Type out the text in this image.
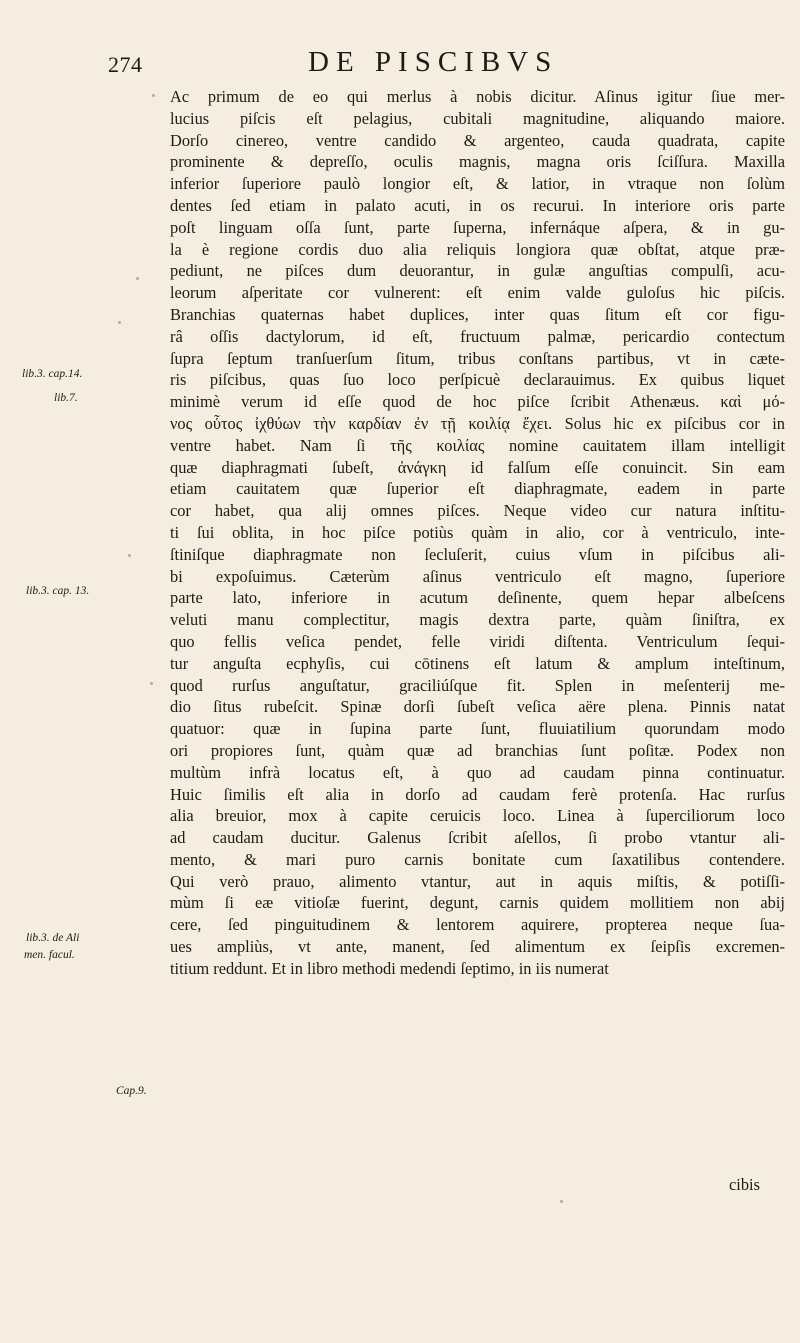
274	DE PISCIBVS
lib.3. cap.14.
lib.7.
lib.3. cap. 13.
lib.3. de Ali
men. facul.
Cap.9.
Ac primum de eo qui merlus à nobis dicitur. Aſinus igitur ſiue mer-
lucius piſcis eſt pelagius, cubitali magnitudine, aliquando maiore.
Dorſo cinereo, ventre candido & argenteo, cauda quadrata, capite
prominente & depreſſo, oculis magnis, magna oris ſciſſura. Maxilla
inferior ſuperiore paulò longior eſt, & latior, in vtraque non ſolùm
dentes ſed etiam in palato acuti, in os recurui. In interiore oris parte
poſt linguam oſſa ſunt, parte ſuperna, infernáque aſpera, & in gu-
la è regione cordis duo alia reliquis longiora quæ obſtat, atque præ-
pediunt, ne piſces dum deuorantur, in gulæ anguſtias compulſi, acu-
leorum aſperitate cor vulnerent: eſt enim valde guloſus hic piſcis.
Branchias quaternas habet duplices, inter quas ſitum eſt cor figu-
râ oſſis dactylorum, id eſt, fructuum palmæ, pericardio contectum
ſupra ſeptum tranſuerſum ſitum, tribus conſtans partibus, vt in cæte-
ris piſcibus, quas ſuo loco perſpicuè declarauimus. Ex quibus liquet
minimè verum id eſſe quod de hoc piſce ſcribit Athenæus. καὶ μό-
νος οὗτος ἰχθύων τὴν καρδίαν ἐν τῇ κοιλίᾳ ἔχει. Solus hic ex piſcibus cor in
ventre habet. Nam ſi τῆς κοιλίας nomine cauitatem illam intelligit
quæ diaphragmati ſubeſt, ἀνάγκη id falſum eſſe conuincit. Sin eam
etiam cauitatem quæ ſuperior eſt diaphragmate, eadem in parte
cor habet, qua alij omnes piſces. Neque video cur natura inſtitu-
ti ſui oblita, in hoc piſce potiùs quàm in alio, cor à ventriculo, inte-
ſtiniſque diaphragmate non ſecluſerit, cuius vſum in piſcibus ali-
bi expoſuimus. Cæterùm aſinus ventriculo eſt magno, ſuperiore
parte lato, inferiore in acutum deſinente, quem hepar albeſcens
veluti manu complectitur, magis dextra parte, quàm ſiniſtra, ex
quo fellis veſica pendet, felle viridi diſtenta. Ventriculum ſequi-
tur anguſta ecphyſis, cui cōtinens eſt latum & amplum inteſtinum,
quod rurſus anguſtatur, graciliúſque fit. Splen in meſenterij me-
dio ſitus rubeſcit. Spinæ dorſi ſubeſt veſica aëre plena. Pinnis natat
quatuor: quæ in ſupina parte ſunt, fluuiatilium quorundam modo
ori propiores ſunt, quàm quæ ad branchias ſunt poſitæ. Podex non
multùm infrà locatus eſt, à quo ad caudam pinna continuatur.
Huic ſimilis eſt alia in dorſo ad caudam ferè protenſa. Hac rurſus
alia breuior, mox à capite ceruicis loco. Linea à ſuperciliorum loco
ad caudam ducitur. Galenus ſcribit aſellos, ſi probo vtantur ali-
mento, & mari puro carnis bonitate cum ſaxatilibus contendere.
Qui verò prauo, alimento vtantur, aut in aquis miſtis, & potiſſi-
mùm ſi eæ vitioſæ fuerint, degunt, carnis quidem mollitiem non abij
cere, ſed pinguitudinem & lentorem aquirere, propterea neque ſua-
ues ampliùs, vt ante, manent, ſed alimentum ex ſeipſis excremen-
titium reddunt. Et in libro methodi medendi ſeptimo, in iis numerat
cibis
